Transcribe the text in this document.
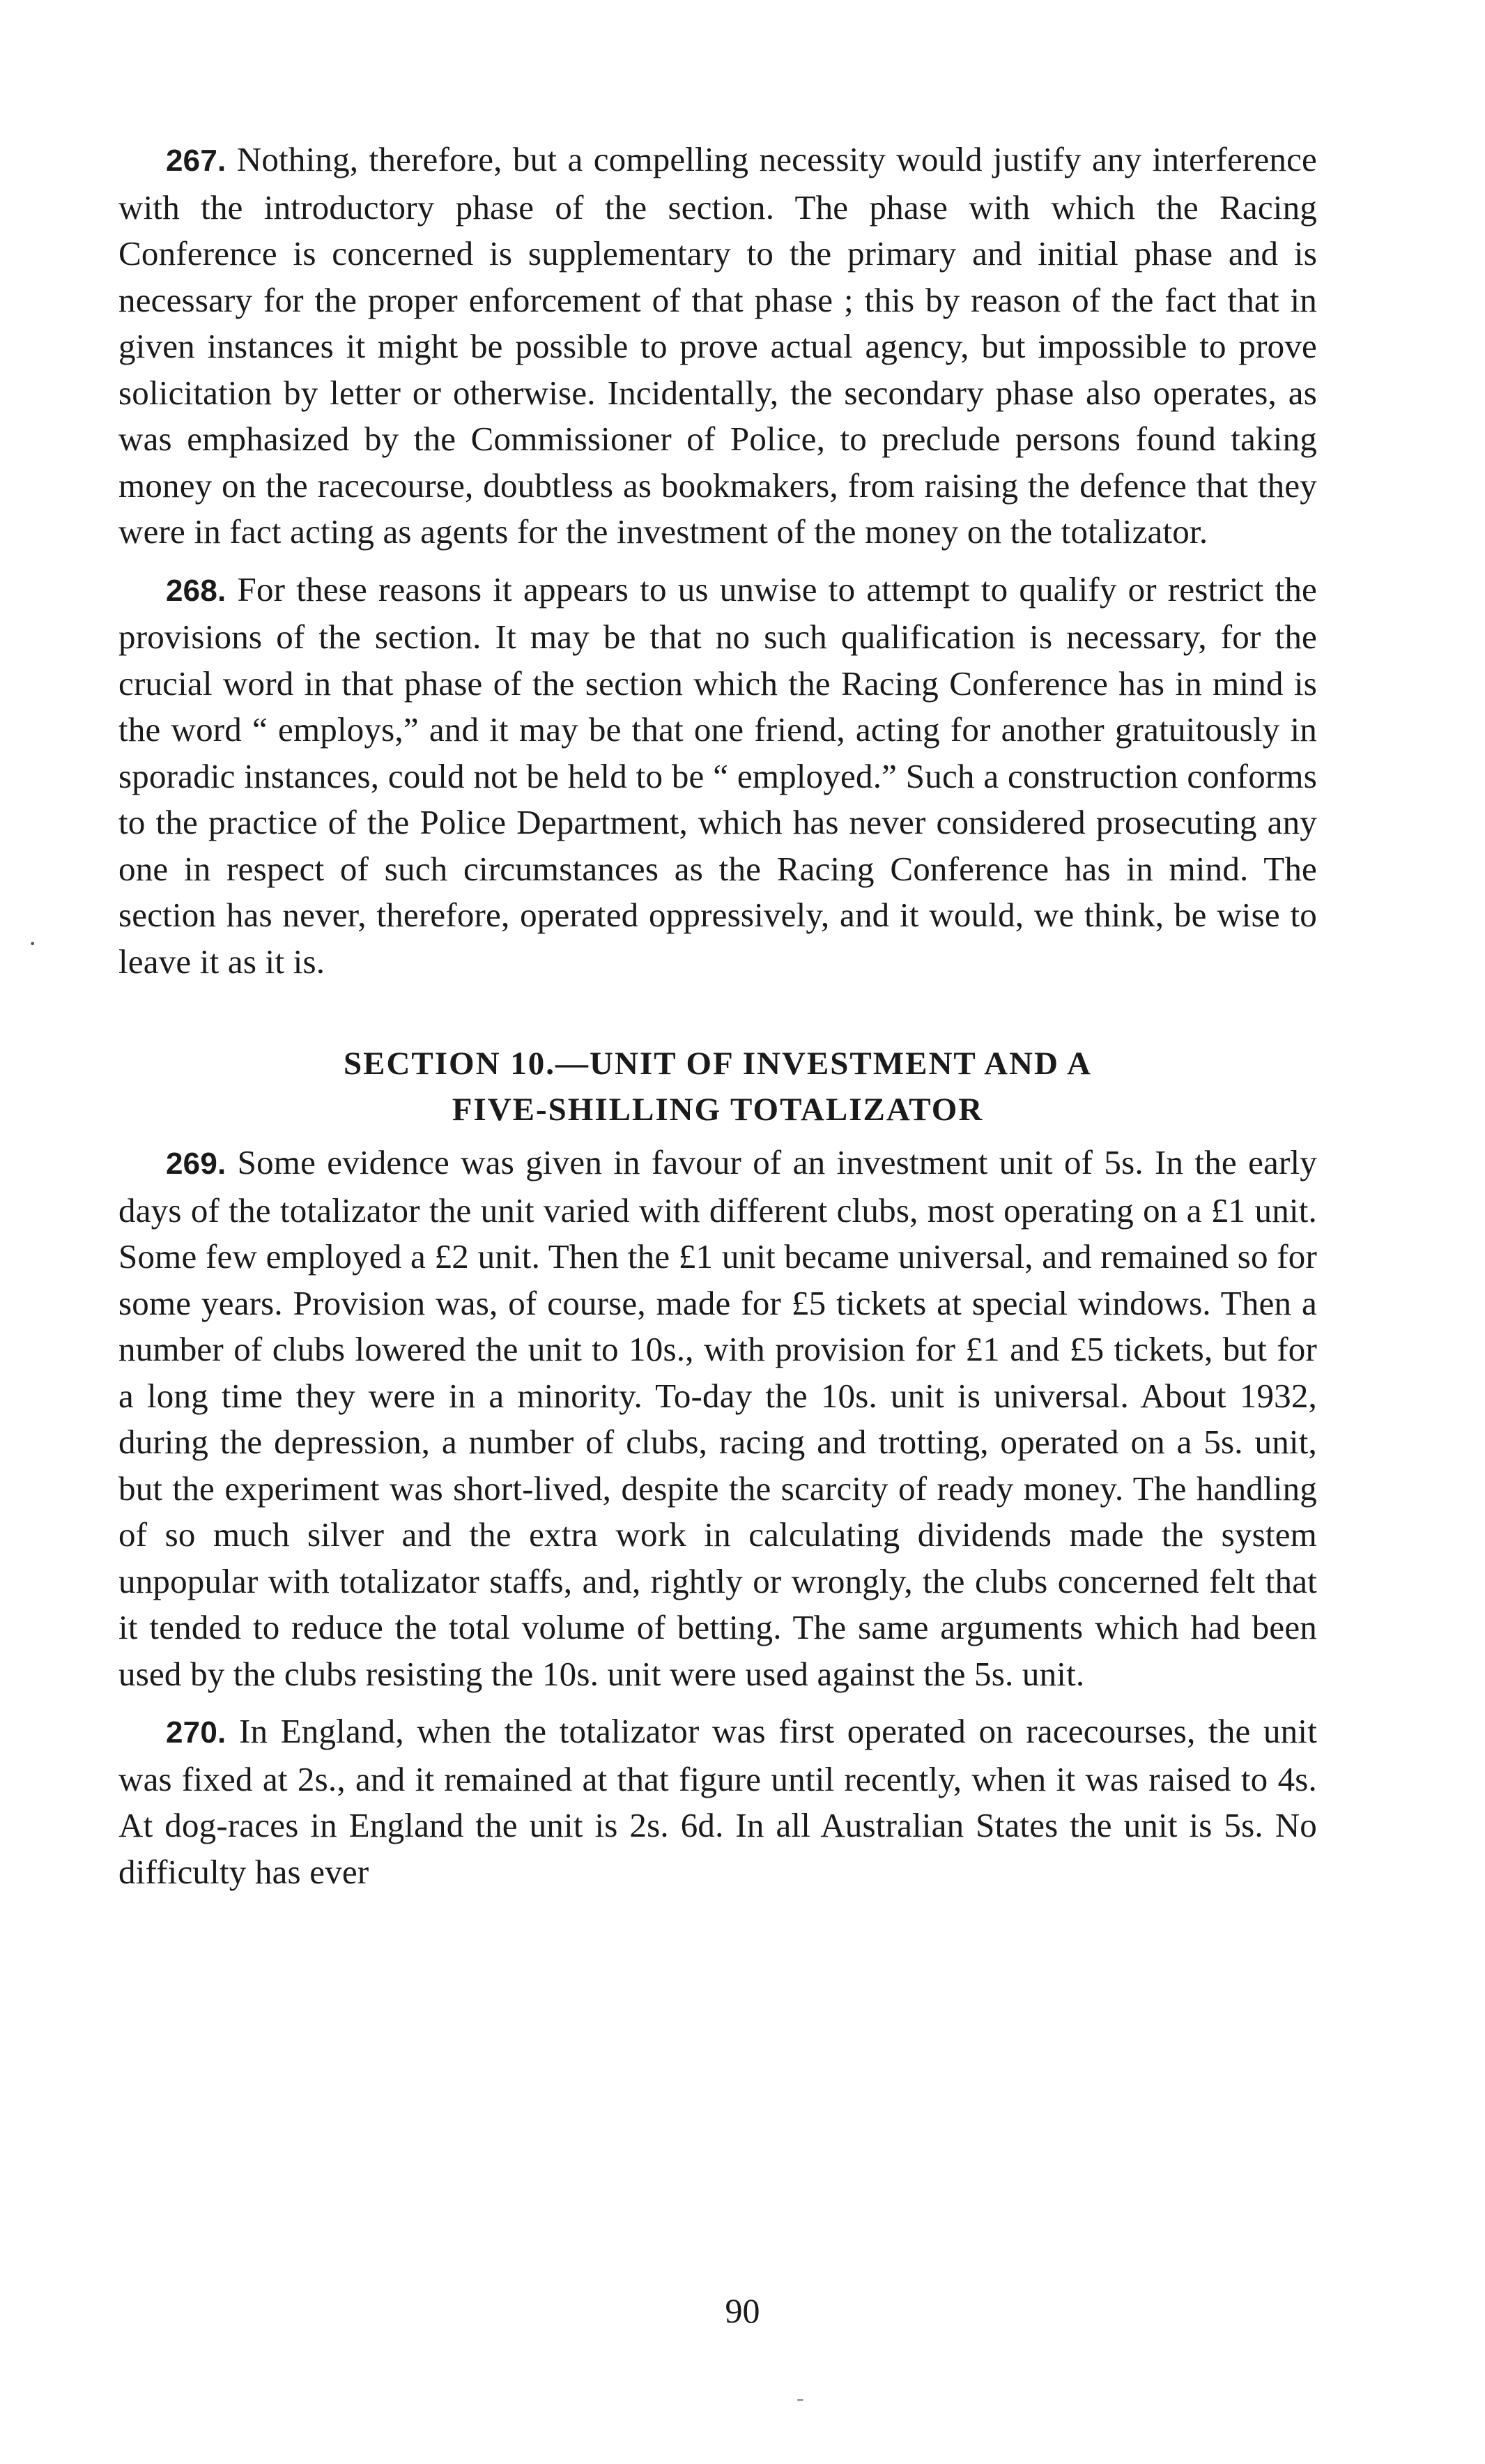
·

267. Nothing, therefore, but a compelling necessity would justify any interference with the introductory phase of the section. The phase with which the Racing Conference is concerned is supplementary to the primary and initial phase and is necessary for the proper enforcement of that phase ; this by reason of the fact that in given instances it might be possible to prove actual agency, but impossible to prove solicitation by letter or otherwise. Incidentally, the secondary phase also operates, as was emphasized by the Commissioner of Police, to preclude persons found taking money on the racecourse, doubtless as bookmakers, from raising the defence that they were in fact acting as agents for the investment of the money on the totalizator.

268. For these reasons it appears to us unwise to attempt to qualify or restrict the provisions of the section. It may be that no such qualification is necessary, for the crucial word in that phase of the section which the Racing Conference has in mind is the word “ employs,” and it may be that one friend, acting for another gratuitously in sporadic instances, could not be held to be “ employed.” Such a construction conforms to the practice of the Police Department, which has never considered prosecuting any one in respect of such circumstances as the Racing Conference has in mind. The section has never, therefore, operated oppressively, and it would, we think, be wise to leave it as it is.

SECTION 10.—UNIT OF INVESTMENT AND A
FIVE-SHILLING TOTALIZATOR

269. Some evidence was given in favour of an investment unit of 5s. In the early days of the totalizator the unit varied with different clubs, most operating on a £1 unit. Some few employed a £2 unit. Then the £1 unit became universal, and remained so for some years. Provision was, of course, made for £5 tickets at special windows. Then a number of clubs lowered the unit to 10s., with provision for £1 and £5 tickets, but for a long time they were in a minority. To-day the 10s. unit is universal. About 1932, during the depression, a number of clubs, racing and trotting, operated on a 5s. unit, but the experiment was short-lived, despite the scarcity of ready money. The handling of so much silver and the extra work in calculating dividends made the system unpopular with totalizator staffs, and, rightly or wrongly, the clubs concerned felt that it tended to reduce the total volume of betting. The same arguments which had been used by the clubs resisting the 10s. unit were used against the 5s. unit.

270. In England, when the totalizator was first operated on racecourses, the unit was fixed at 2s., and it remained at that figure until recently, when it was raised to 4s. At dog-races in England the unit is 2s. 6d. In all Australian States the unit is 5s. No difficulty has ever

90
-
